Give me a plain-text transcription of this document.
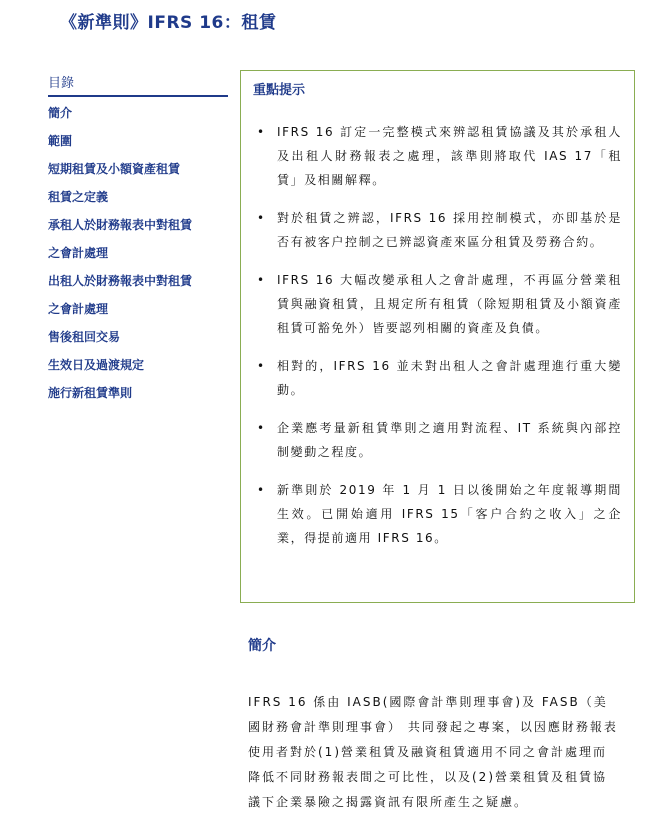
《新準則》IFRS 16：租賃
目錄
簡介
範圍
短期租賃及小額資產租賃
租賃之定義
承租人於財務報表中對租賃
之會計處理
出租人於財務報表中對租賃
之會計處理
售後租回交易
生效日及過渡規定
施行新租賃準則
重點提示
• IFRS 16 訂定一完整模式來辨認租賃協議及其於承租人及出租人財務報表之處理，該準則將取代 IAS 17「租賃」及相關解釋。
• 對於租賃之辨認，IFRS 16 採用控制模式，亦即基於是否有被客户控制之已辨認資產來區分租賃及勞務合約。
• IFRS 16 大幅改變承租人之會計處理，不再區分營業租賃與融資租賃，且規定所有租賃（除短期租賃及小額資產租賃可豁免外）皆要認列相關的資產及負債。
• 相對的，IFRS 16 並未對出租人之會計處理進行重大變動。
• 企業應考量新租賃準則之適用對流程、IT 系統與內部控制變動之程度。
• 新準則於 2019 年 1 月 1 日以後開始之年度報導期間生效。已開始適用 IFRS 15「客户合約之收入」之企業，得提前適用 IFRS 16。
簡介

IFRS 16 係由 IASB(國際會計準則理事會)及 FASB（美國財務會計準則理事會） 共同發起之專案，以因應財務報表使用者對於(1)營業租賃及融資租賃適用不同之會計處理而降低不同財務報表間之可比性，以及(2)營業租賃及租賃協議下企業暴險之揭露資訊有限所產生之疑慮。
